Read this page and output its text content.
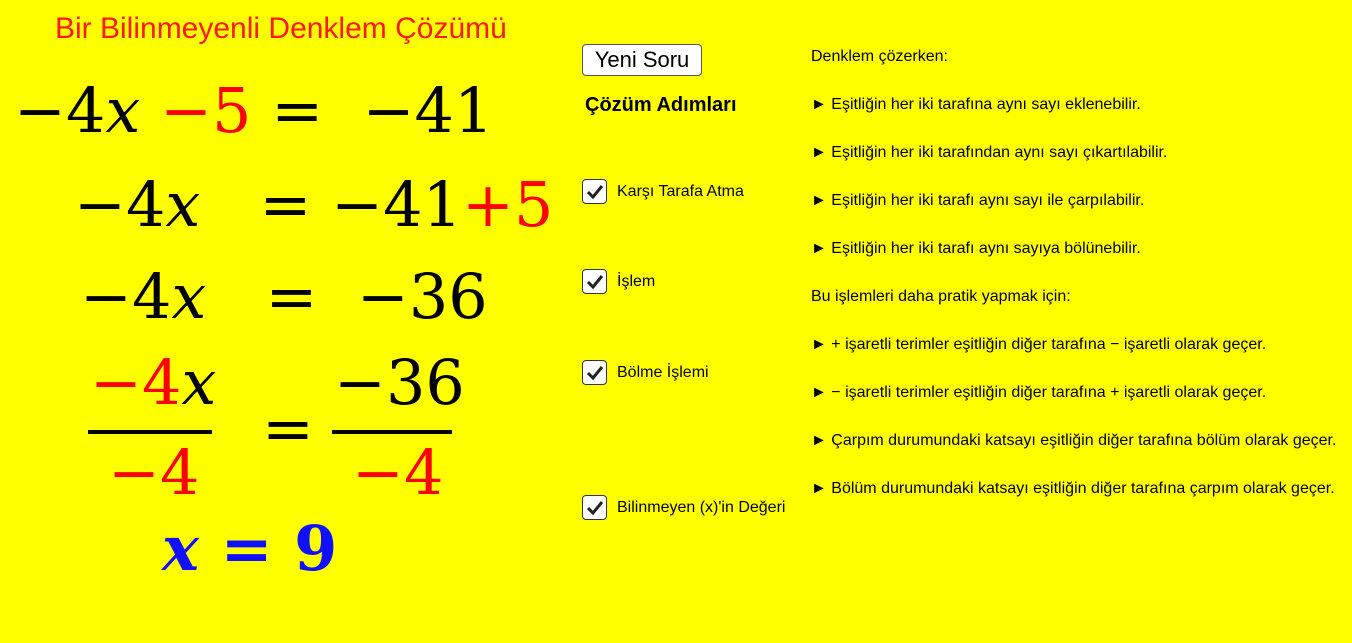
Bir Bilinmeyenli Denklem Çözümü
−4x −5 = −41
−4x = −41+5
−4x = −36
−4x
−4
=
−36
−4
x = 9
Yeni Soru
Çözüm Adımları
Karşı Tarafa Atma
İşlem
Bölme İşlemi
Bilinmeyen (x)'in Değeri
Denklem çözerken:
► Eşitliğin her iki tarafına aynı sayı eklenebilir.
► Eşitliğin her iki tarafından aynı sayı çıkartılabilir.
► Eşitliğin her iki tarafı aynı sayı ile çarpılabilir.
► Eşitliğin her iki tarafı aynı sayıya bölünebilir.
Bu işlemleri daha pratik yapmak için:
► + işaretli terimler eşitliğin diğer tarafına − işaretli olarak geçer.
► − işaretli terimler eşitliğin diğer tarafına + işaretli olarak geçer.
► Çarpım durumundaki katsayı eşitliğin diğer tarafına bölüm olarak geçer.
► Bölüm durumundaki katsayı eşitliğin diğer tarafına çarpım olarak geçer.
